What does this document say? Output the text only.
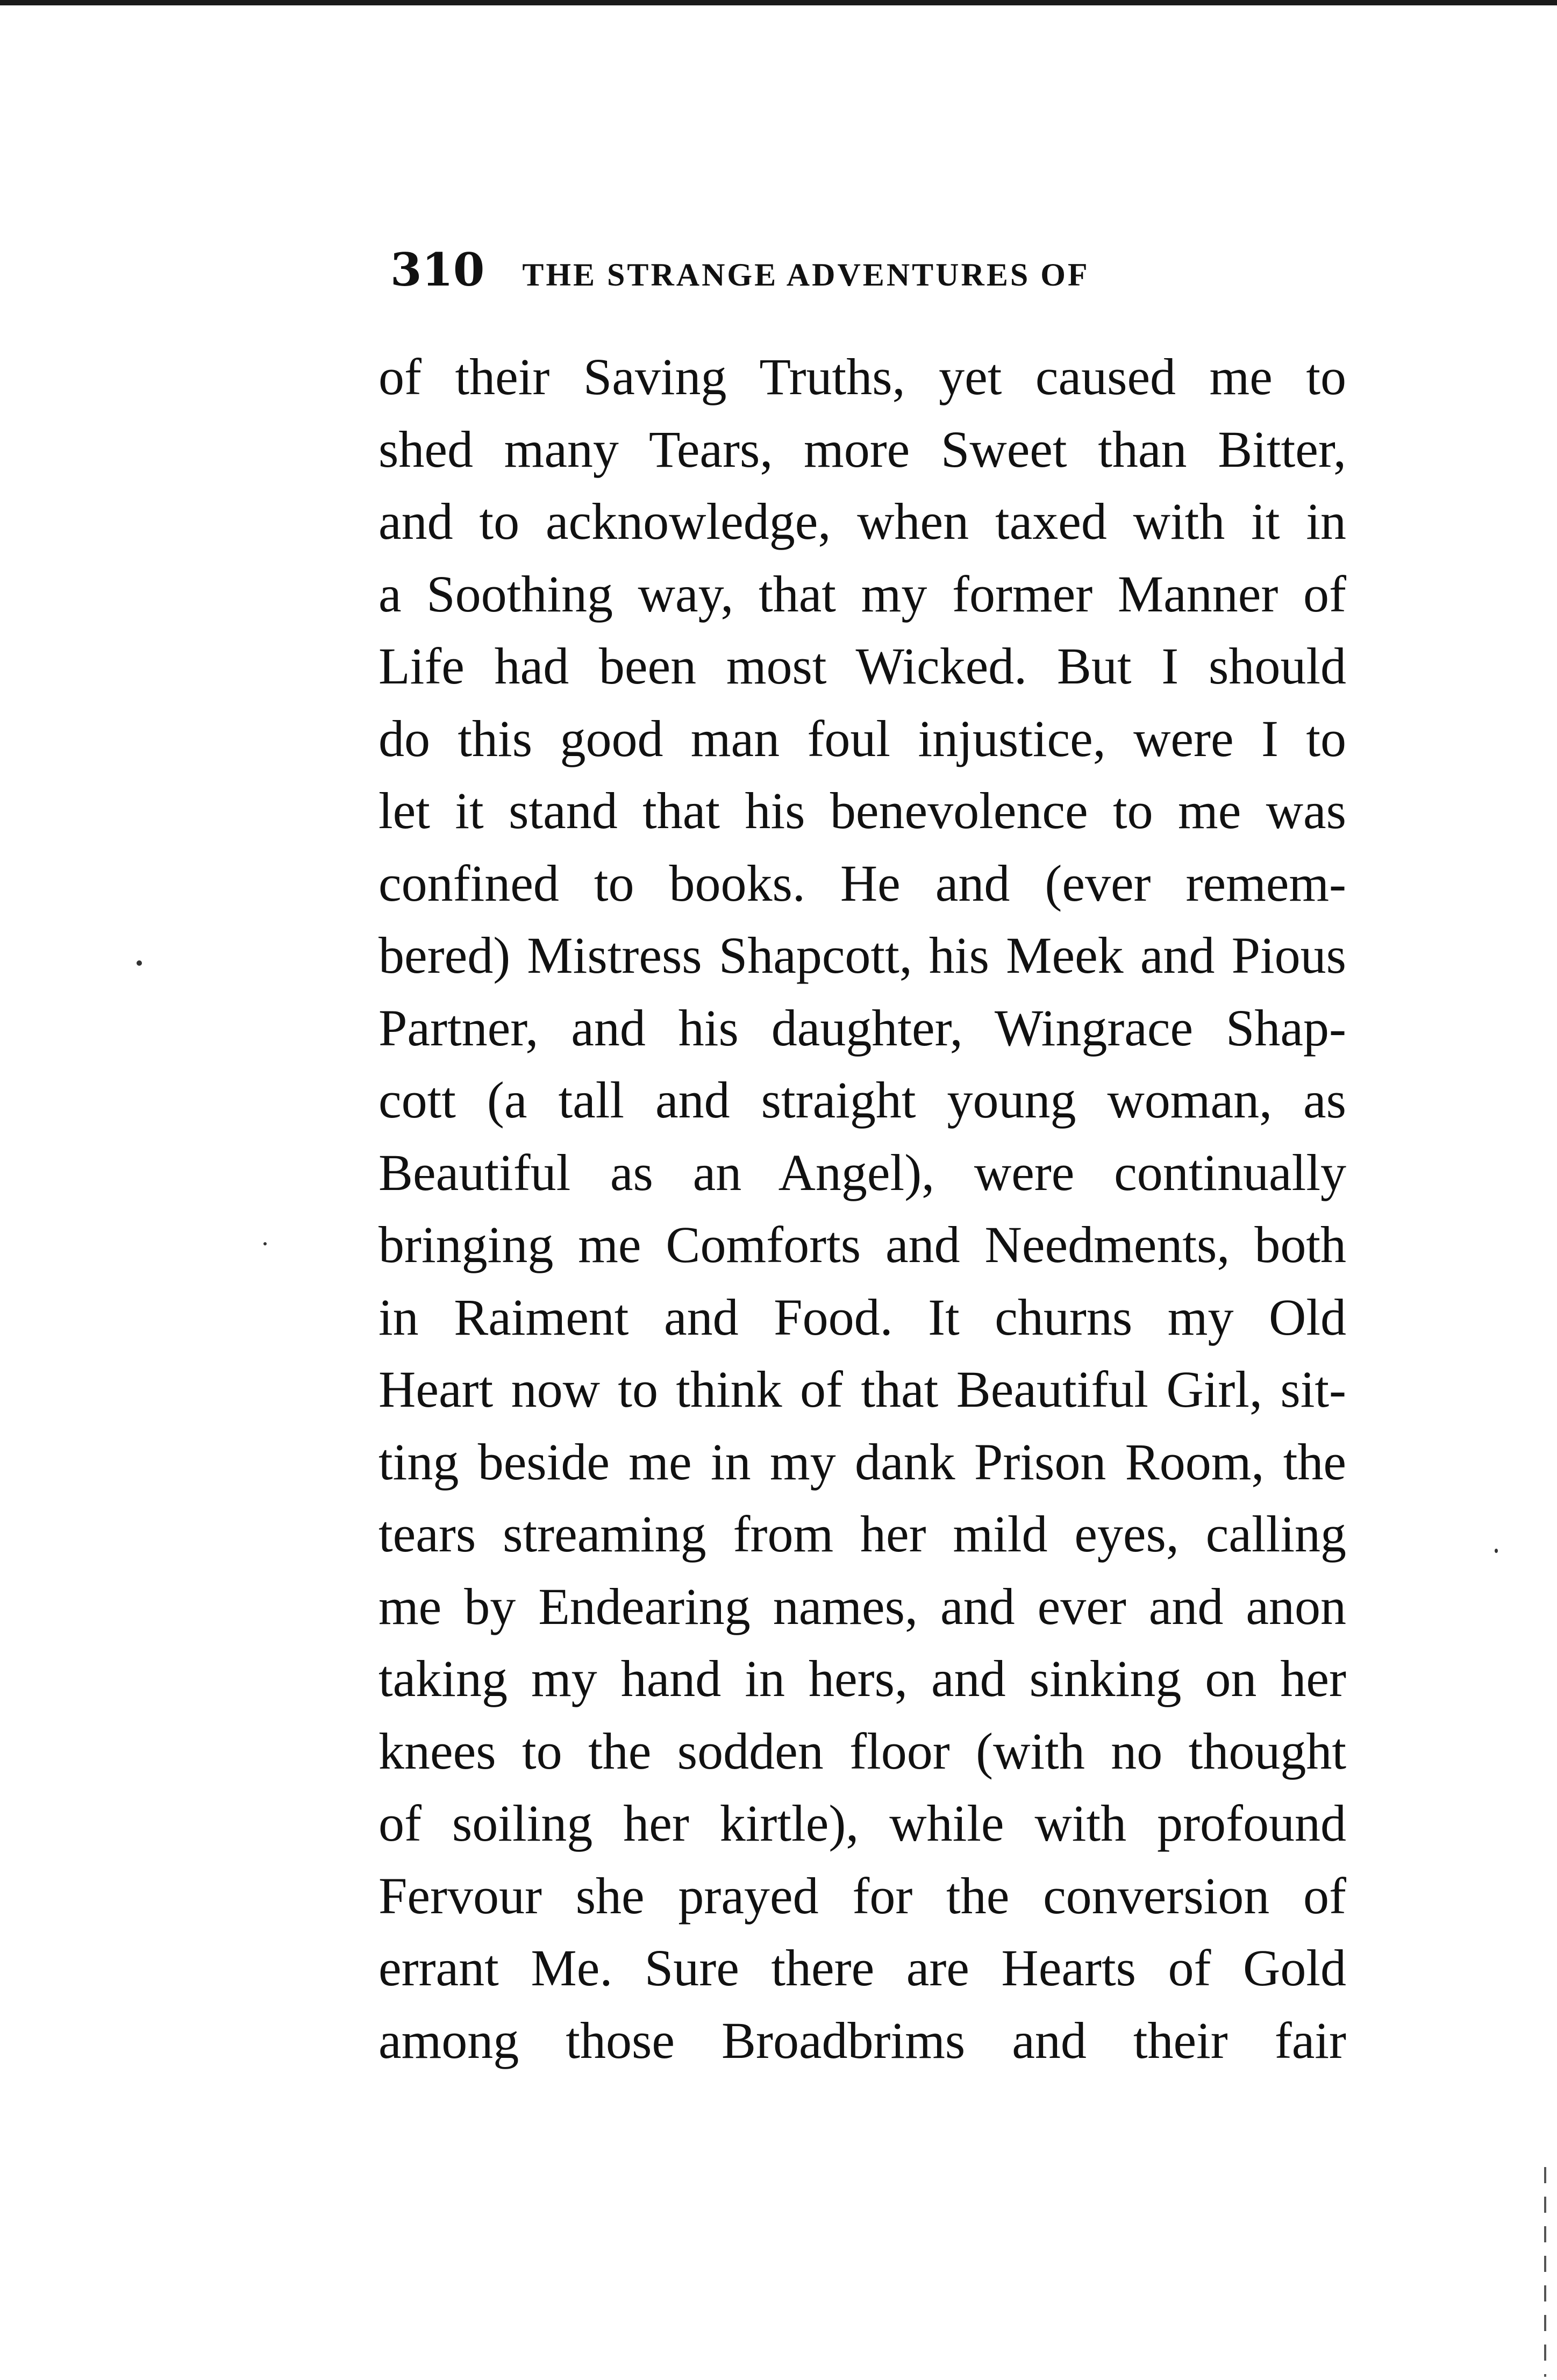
310 THE STRANGE ADVENTURES OF
of their Saving Truths, yet caused me to
shed many Tears, more Sweet than Bitter,
and to acknowledge, when taxed with it in
a Soothing way, that my former Manner of
Life had been most Wicked. But I should
do this good man foul injustice, were I to
let it stand that his benevolence to me was
confined to books. He and (ever remem-
bered) Mistress Shapcott, his Meek and Pious
Partner, and his daughter, Wingrace Shap-
cott (a tall and straight young woman, as
Beautiful as an Angel), were continually
bringing me Comforts and Needments, both
in Raiment and Food. It churns my Old
Heart now to think of that Beautiful Girl, sit-
ting beside me in my dank Prison Room, the
tears streaming from her mild eyes, calling
me by Endearing names, and ever and anon
taking my hand in hers, and sinking on her
knees to the sodden floor (with no thought
of soiling her kirtle), while with profound
Fervour she prayed for the conversion of
errant Me. Sure there are Hearts of Gold
among those Broadbrims and their fair
